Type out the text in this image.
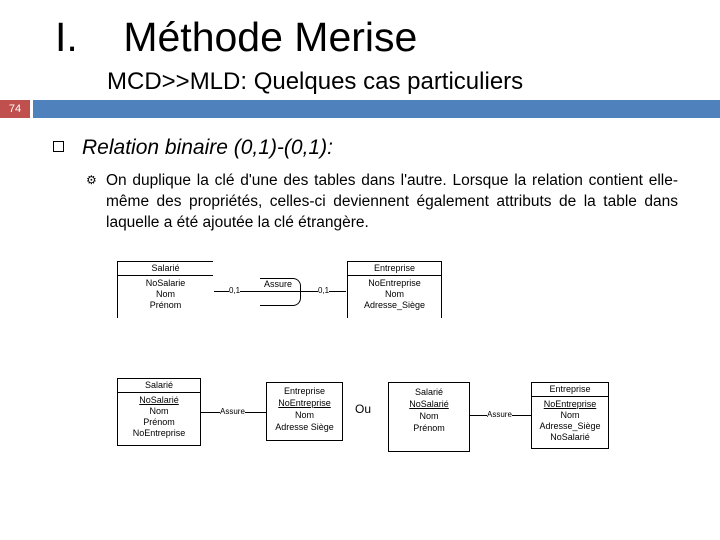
I.    Méthode Merise
MCD>>MLD: Quelques cas particuliers
74
Relation binaire (0,1)-(0,1):
⚙ On duplique la clé d'une des tables dans l'autre. Lorsque la relation contient elle-même des propriétés, celles-ci deviennent également attributs de la table dans laquelle a été ajoutée la clé étrangère.
Salarié
NoSalarie
Nom
Prénom
0,1	0,1
Assure
Entreprise
NoEntreprise
Nom
Adresse_Siège
Salarié
NoSalarié
Nom
Prénom
NoEntreprise
Assure
Entreprise
NoEntreprise
Nom
Adresse Siège
Ou
Salarié
NoSalarié
Nom
Prénom
Assure
Entreprise
NoEntreprise
Nom
Adresse_Siège
NoSalarié
